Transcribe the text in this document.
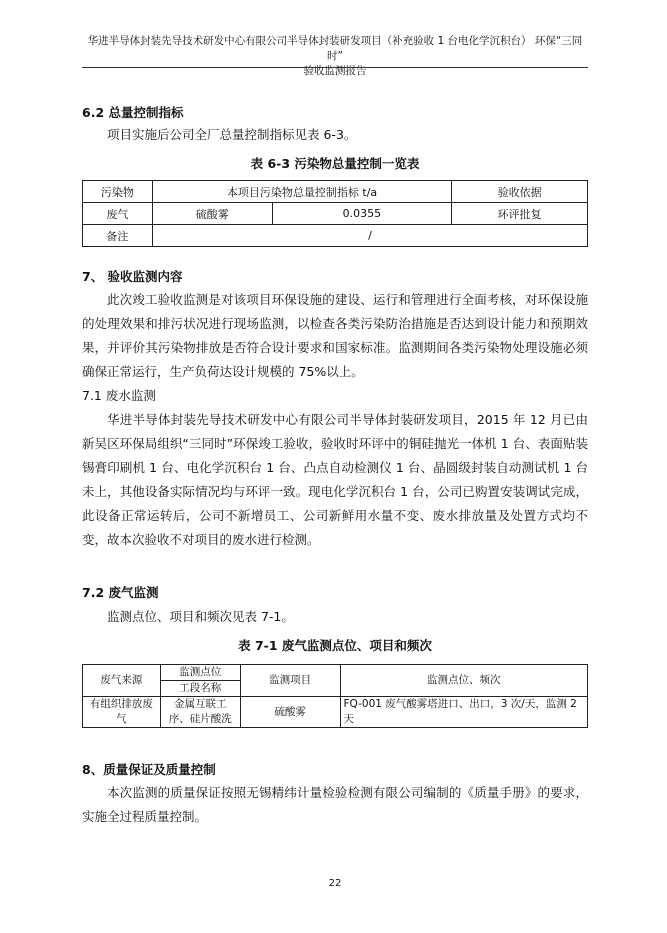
华进半导体封装先导技术研发中心有限公司半导体封装研发项目（补充验收 1 台电化学沉积台） 环保“三同时”
验收监测报告
6.2 总量控制指标
项目实施后公司全厂总量控制指标见表 6-3。
表 6-3 污染物总量控制一览表
污染物	本项目污染物总量控制指标 t/a		验收依据
废气	硫酸雾	0.0355	环评批复
备注	/		
7、 验收监测内容
此次竣工验收监测是对该项目环保设施的建设、运行和管理进行全面考核，对环保设施的处理效果和排污状况进行现场监测，以检查各类污染防治措施是否达到设计能力和预期效果，并评价其污染物排放是否符合设计要求和国家标准。监测期间各类污染物处理设施必须确保正常运行，生产负荷达设计规模的 75%以上。
7.1 废水监测
华进半导体封装先导技术研发中心有限公司半导体封装研发项目，2015 年 12 月已由新吴区环保局组织“三同时”环保竣工验收，验收时环评中的铜硅抛光一体机 1 台、表面贴装锡膏印刷机 1 台、电化学沉积台 1 台、凸点自动检测仪 1 台、晶圆级封装自动测试机 1 台未上，其他设备实际情况均与环评一致。现电化学沉积台 1 台，公司已购置安装调试完成，此设备正常运转后，公司不新增员工、公司新鲜用水量不变、废水排放量及处置方式均不变，故本次验收不对项目的废水进行检测。
7.2 废气监测
监测点位、项目和频次见表 7-1。
表 7-1 废气监测点位、项目和频次
废气来源	监测点位	监测项目	监测点位、频次
	工段名称		
有组织排放废气	金属互联工序、硅片酸洗	硫酸雾	FQ-001 废气酸雾塔进口、出口，3 次/天，监测 2 天
8、质量保证及质量控制
本次监测的质量保证按照无锡精纬计量检验检测有限公司编制的《质量手册》的要求，实施全过程质量控制。
22
